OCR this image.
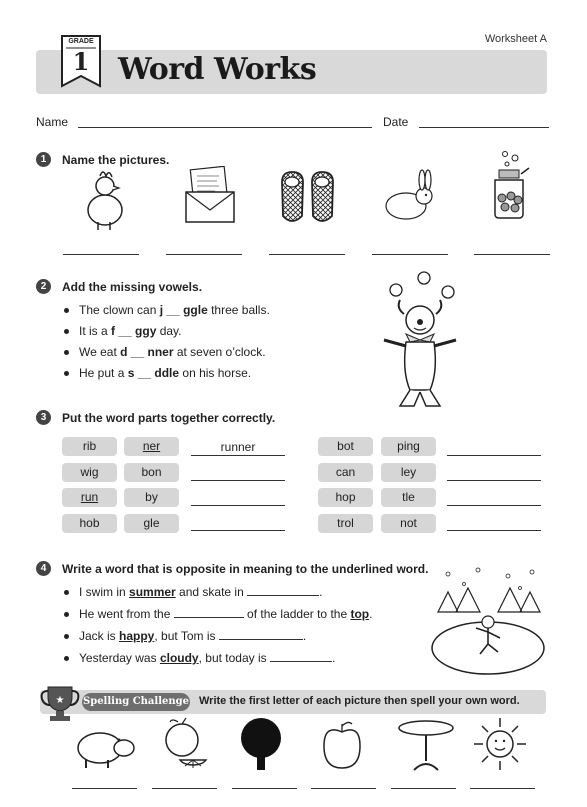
Worksheet A
GRADE
1 Word Works
Name	Date
1	Name the pictures.
2	Add the missing vowels.
The clown can j __ ggle three balls.
It is a f __ ggy day.
We eat d __ nner at seven o’clock.
He put a s __ ddle on his horse.
3	Put the word parts together correctly.
rib	ner	runner
wig	bon
run	by
hob	gle
bot	ping
can	ley
hop	tle
trol	not
4	Write a word that is opposite in meaning to the underlined word.
I swim in summer and skate in	.
He went from the	of the ladder to the top.
Jack is happy, but Tom is	.
Yesterday was cloudy, but today is	.
★ Spelling Challenge Write the first letter of each picture then spell your own word.
